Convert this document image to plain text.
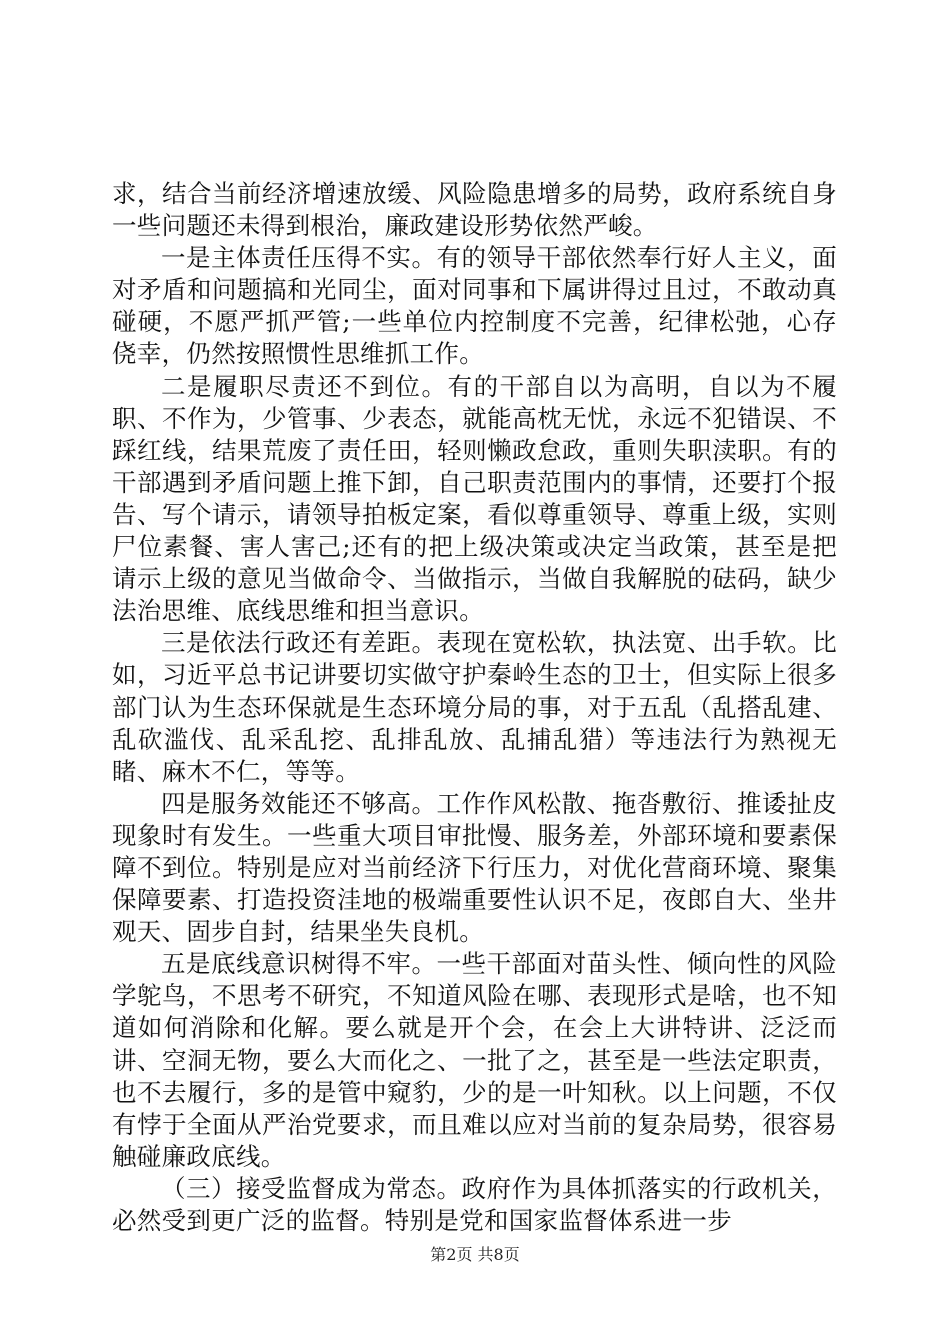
求，结合当前经济增速放缓、风险隐患增多的局势，政府系统自身一些问题还未得到根治，廉政建设形势依然严峻。

一是主体责任压得不实。有的领导干部依然奉行好人主义，面对矛盾和问题搞和光同尘，面对同事和下属讲得过且过，不敢动真碰硬，不愿严抓严管;一些单位内控制度不完善，纪律松弛，心存侥幸，仍然按照惯性思维抓工作。

二是履职尽责还不到位。有的干部自以为高明，自以为不履职、不作为，少管事、少表态，就能高枕无忧，永远不犯错误、不踩红线，结果荒废了责任田，轻则懒政怠政，重则失职渎职。有的干部遇到矛盾问题上推下卸，自己职责范围内的事情，还要打个报告、写个请示，请领导拍板定案，看似尊重领导、尊重上级，实则尸位素餐、害人害己;还有的把上级决策或决定当政策，甚至是把请示上级的意见当做命令、当做指示，当做自我解脱的砝码，缺少法治思维、底线思维和担当意识。

三是依法行政还有差距。表现在宽松软，执法宽、出手软。比如，习近平总书记讲要切实做守护秦岭生态的卫士，但实际上很多部门认为生态环保就是生态环境分局的事，对于五乱（乱搭乱建、乱砍滥伐、乱采乱挖、乱排乱放、乱捕乱猎）等违法行为熟视无睹、麻木不仁，等等。

四是服务效能还不够高。工作作风松散、拖沓敷衍、推诿扯皮现象时有发生。一些重大项目审批慢、服务差，外部环境和要素保障不到位。特别是应对当前经济下行压力，对优化营商环境、聚集保障要素、打造投资洼地的极端重要性认识不足，夜郎自大、坐井观天、固步自封，结果坐失良机。

五是底线意识树得不牢。一些干部面对苗头性、倾向性的风险学鸵鸟，不思考不研究，不知道风险在哪、表现形式是啥，也不知道如何消除和化解。要么就是开个会，在会上大讲特讲、泛泛而讲、空洞无物，要么大而化之、一批了之，甚至是一些法定职责，也不去履行，多的是管中窥豹，少的是一叶知秋。以上问题，不仅有悖于全面从严治党要求，而且难以应对当前的复杂局势，很容易触碰廉政底线。

（三）接受监督成为常态。政府作为具体抓落实的行政机关，必然受到更广泛的监督。特别是党和国家监督体系进一步

第2页 共8页
